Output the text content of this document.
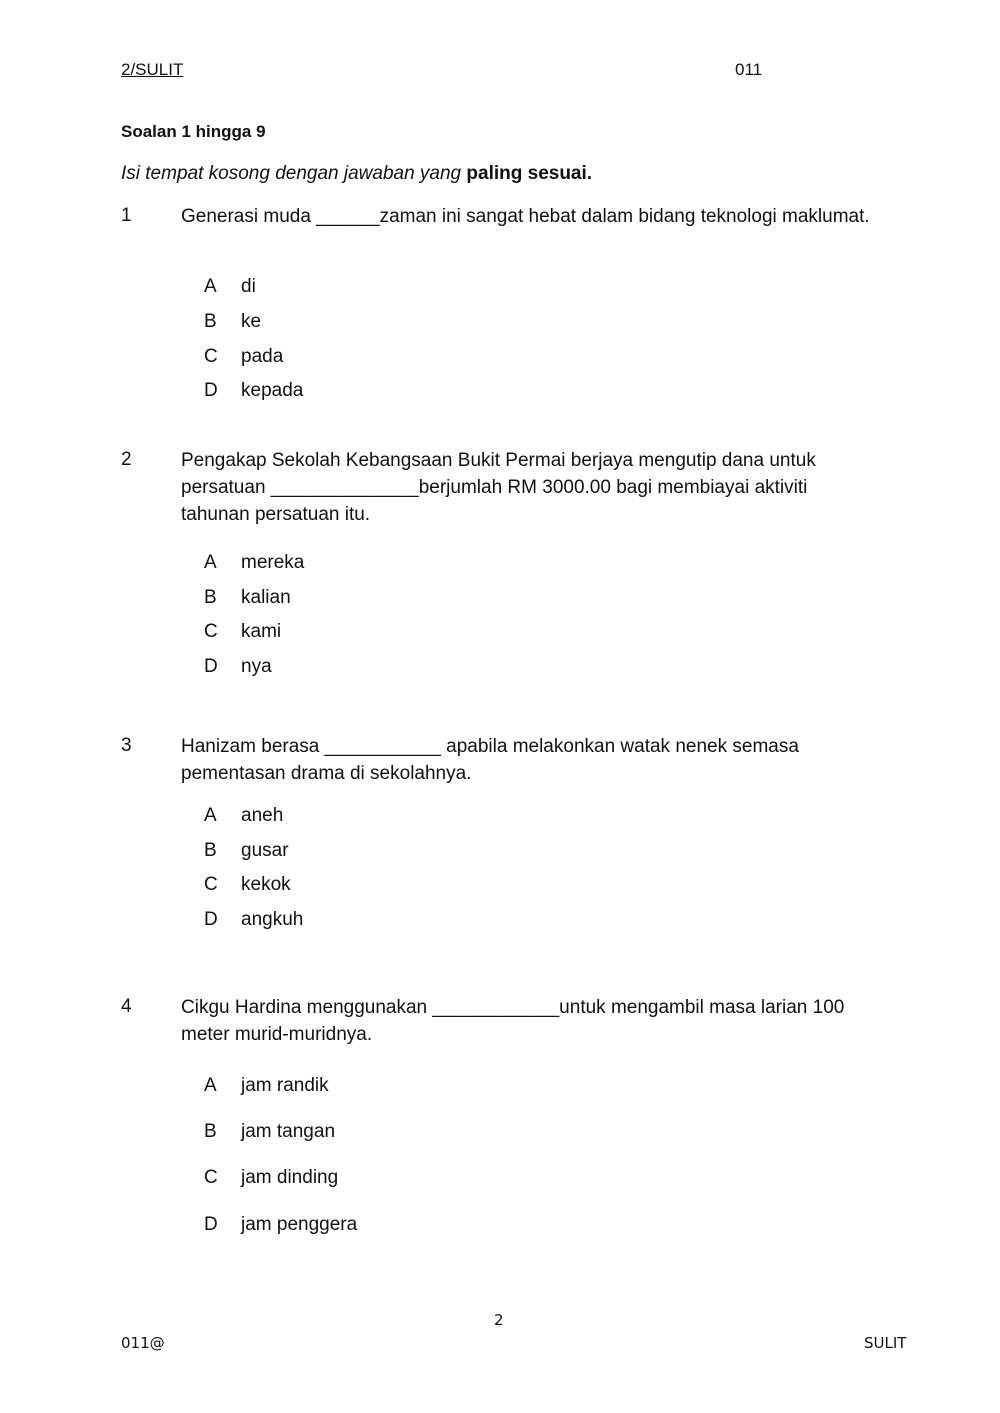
2/SULIT	011
Soalan 1 hingga 9
Isi tempat kosong dengan jawaban yang paling sesuai.
1	Generasi muda ______zaman ini sangat hebat dalam bidang teknologi maklumat.
A di
B ke
C pada
D kepada
2	Pengakap Sekolah Kebangsaan Bukit Permai berjaya mengutip dana untuk persatuan ______________berjumlah RM 3000.00 bagi membiayai aktiviti tahunan persatuan itu.
A mereka
B kalian
C kami
D nya
3	Hanizam berasa ___________ apabila melakonkan watak nenek semasa pementasan drama di sekolahnya.
A aneh
B gusar
C kekok
D angkuh
4	Cikgu Hardina menggunakan ____________untuk mengambil masa larian 100 meter murid-muridnya.
A jam randik
B jam tangan
C jam dinding
D jam penggera
2
011@	SULIT
